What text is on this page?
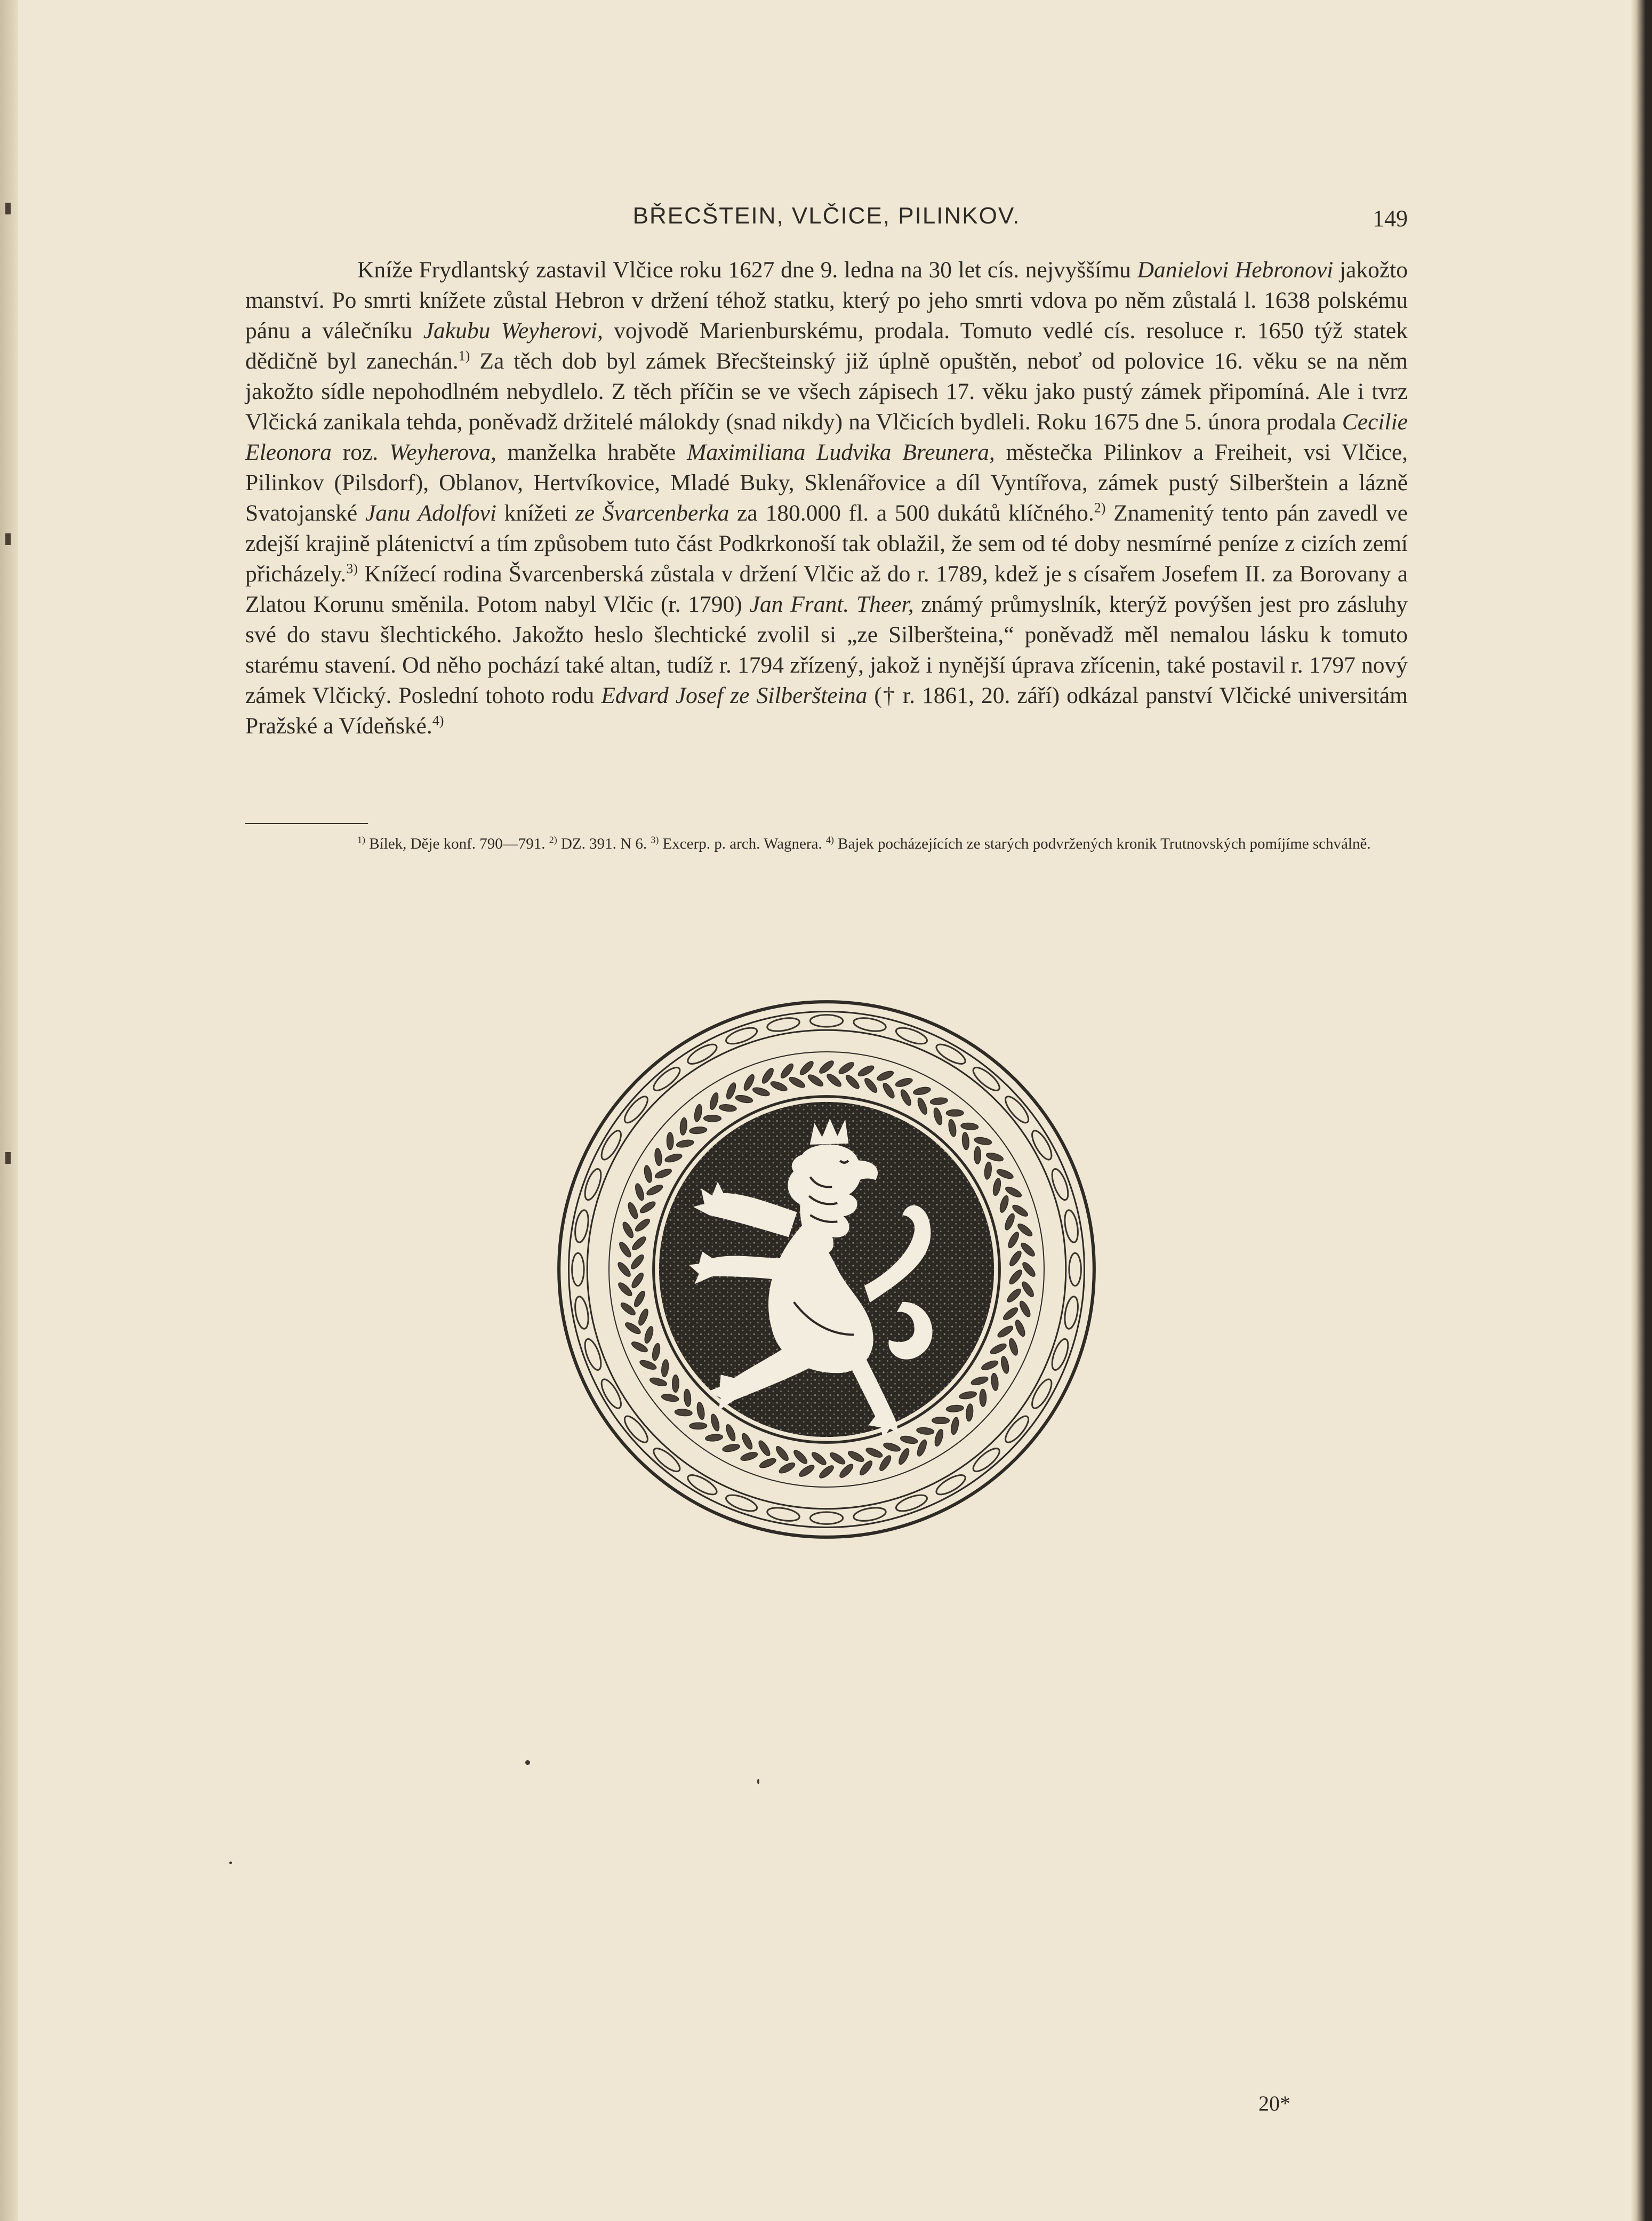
BŘECŠTEIN, VLČICE, PILINKOV.	149

Kníže Frydlantský zastavil Vlčice roku 1627 dne 9. ledna na 30 let cís. nejvyššímu Danielovi Hebronovi jakožto manství. Po smrti knížete zůstal Hebron v držení téhož statku, který po jeho smrti vdova po něm zůstalá l. 1638 polskému pánu a válečníku Jakubu Weyherovi, vojvodě Marienburskému, prodala. Tomuto vedlé cís. resoluce r. 1650 týž statek dědičně byl zanechán.$^{1)}$ Za těch dob byl zámek Břecšteinský již úplně opuštěn, neboť od polovice 16. věku se na něm jakožto sídle nepohodlném nebydlelo. Z těch příčin se ve všech zápisech 17. věku jako pustý zámek připomíná. Ale i tvrz Vlčická zanikala tehda, poněvadž držitelé málokdy (snad nikdy) na Vlčicích bydleli. Roku 1675 dne 5. února prodala Cecilie Eleonora roz. Weyherova, manželka hraběte Maximiliana Ludvika Breunera, městečka Pilinkov a Freiheit, vsi Vlčice, Pilinkov (Pilsdorf), Oblanov, Hertvíkovice, Mladé Buky, Sklenářovice a díl Vyntířova, zámek pustý Silberštein a lázně Svatojanské Janu Adolfovi knížeti ze Švarcenberka za 180.000 fl. a 500 dukátů klíčného.$^{2)}$ Znamenitý tento pán zavedl ve zdejší krajině plátenictví a tím způsobem tuto část Podkrkonoší tak oblažil, že sem od té doby nesmírné peníze z cizích zemí přicházely.$^{3)}$ Knížecí rodina Švarcenberská zůstala v držení Vlčic až do r. 1789, kdež je s císařem Josefem II. za Borovany a Zlatou Korunu směnila. Potom nabyl Vlčic (r. 1790) Jan Frant. Theer, známý průmyslník, kterýž povýšen jest pro zásluhy své do stavu šlechtického. Jakožto heslo šlechtické zvolil si „ze Silberšteina,“ poněvadž měl nemalou lásku k tomuto starému stavení. Od něho pochází také altan, tudíž r. 1794 zřízený, jakož i nynější úprava zřícenin, také postavil r. 1797 nový zámek Vlčický. Poslední tohoto rodu Edvard Josef ze Silberšteina († r. 1861, 20. září) odkázal panství Vlčické universitám Pražské a Vídeňské.$^{4)}$

$^{1)}$ Bílek, Děje konf. 790—791. $^{2)}$ DZ. 391. N 6. $^{3)}$ Excerp. p. arch. Wagnera. $^{4)}$ Bajek pocházejících ze starých podvržených kronik Trutnovských pomíjíme schválně.

20*
